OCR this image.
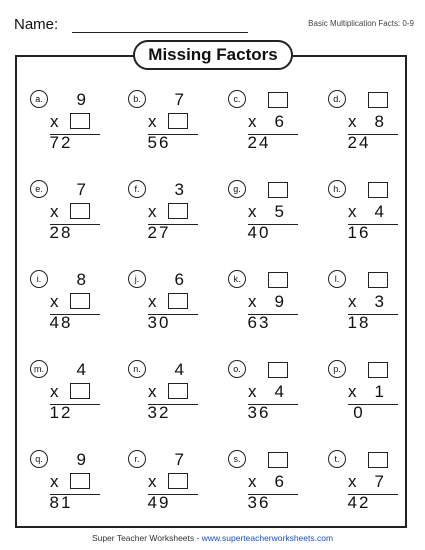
Name:	Basic Multiplication Facts: 0-9
Missing Factors
a.	9
x
72
b.	7
x
56
c.
x 6
24
d.
x 8
24
e.	7
x
28
f.	3
x
27
g.
x 5
40
h.
x 4
16
i.	8
x
48
j.	6
x
30
k.
x 9
63
l.
x 3
18
m. 4
x
12
n.	4
x
32
o.
x 4
36
p.
x 1
0
q.	9
x
81
r.	7
x
49
s.
x 6
36
t.
x 7
42
Super Teacher Worksheets - www.superteacherworksheets.com
